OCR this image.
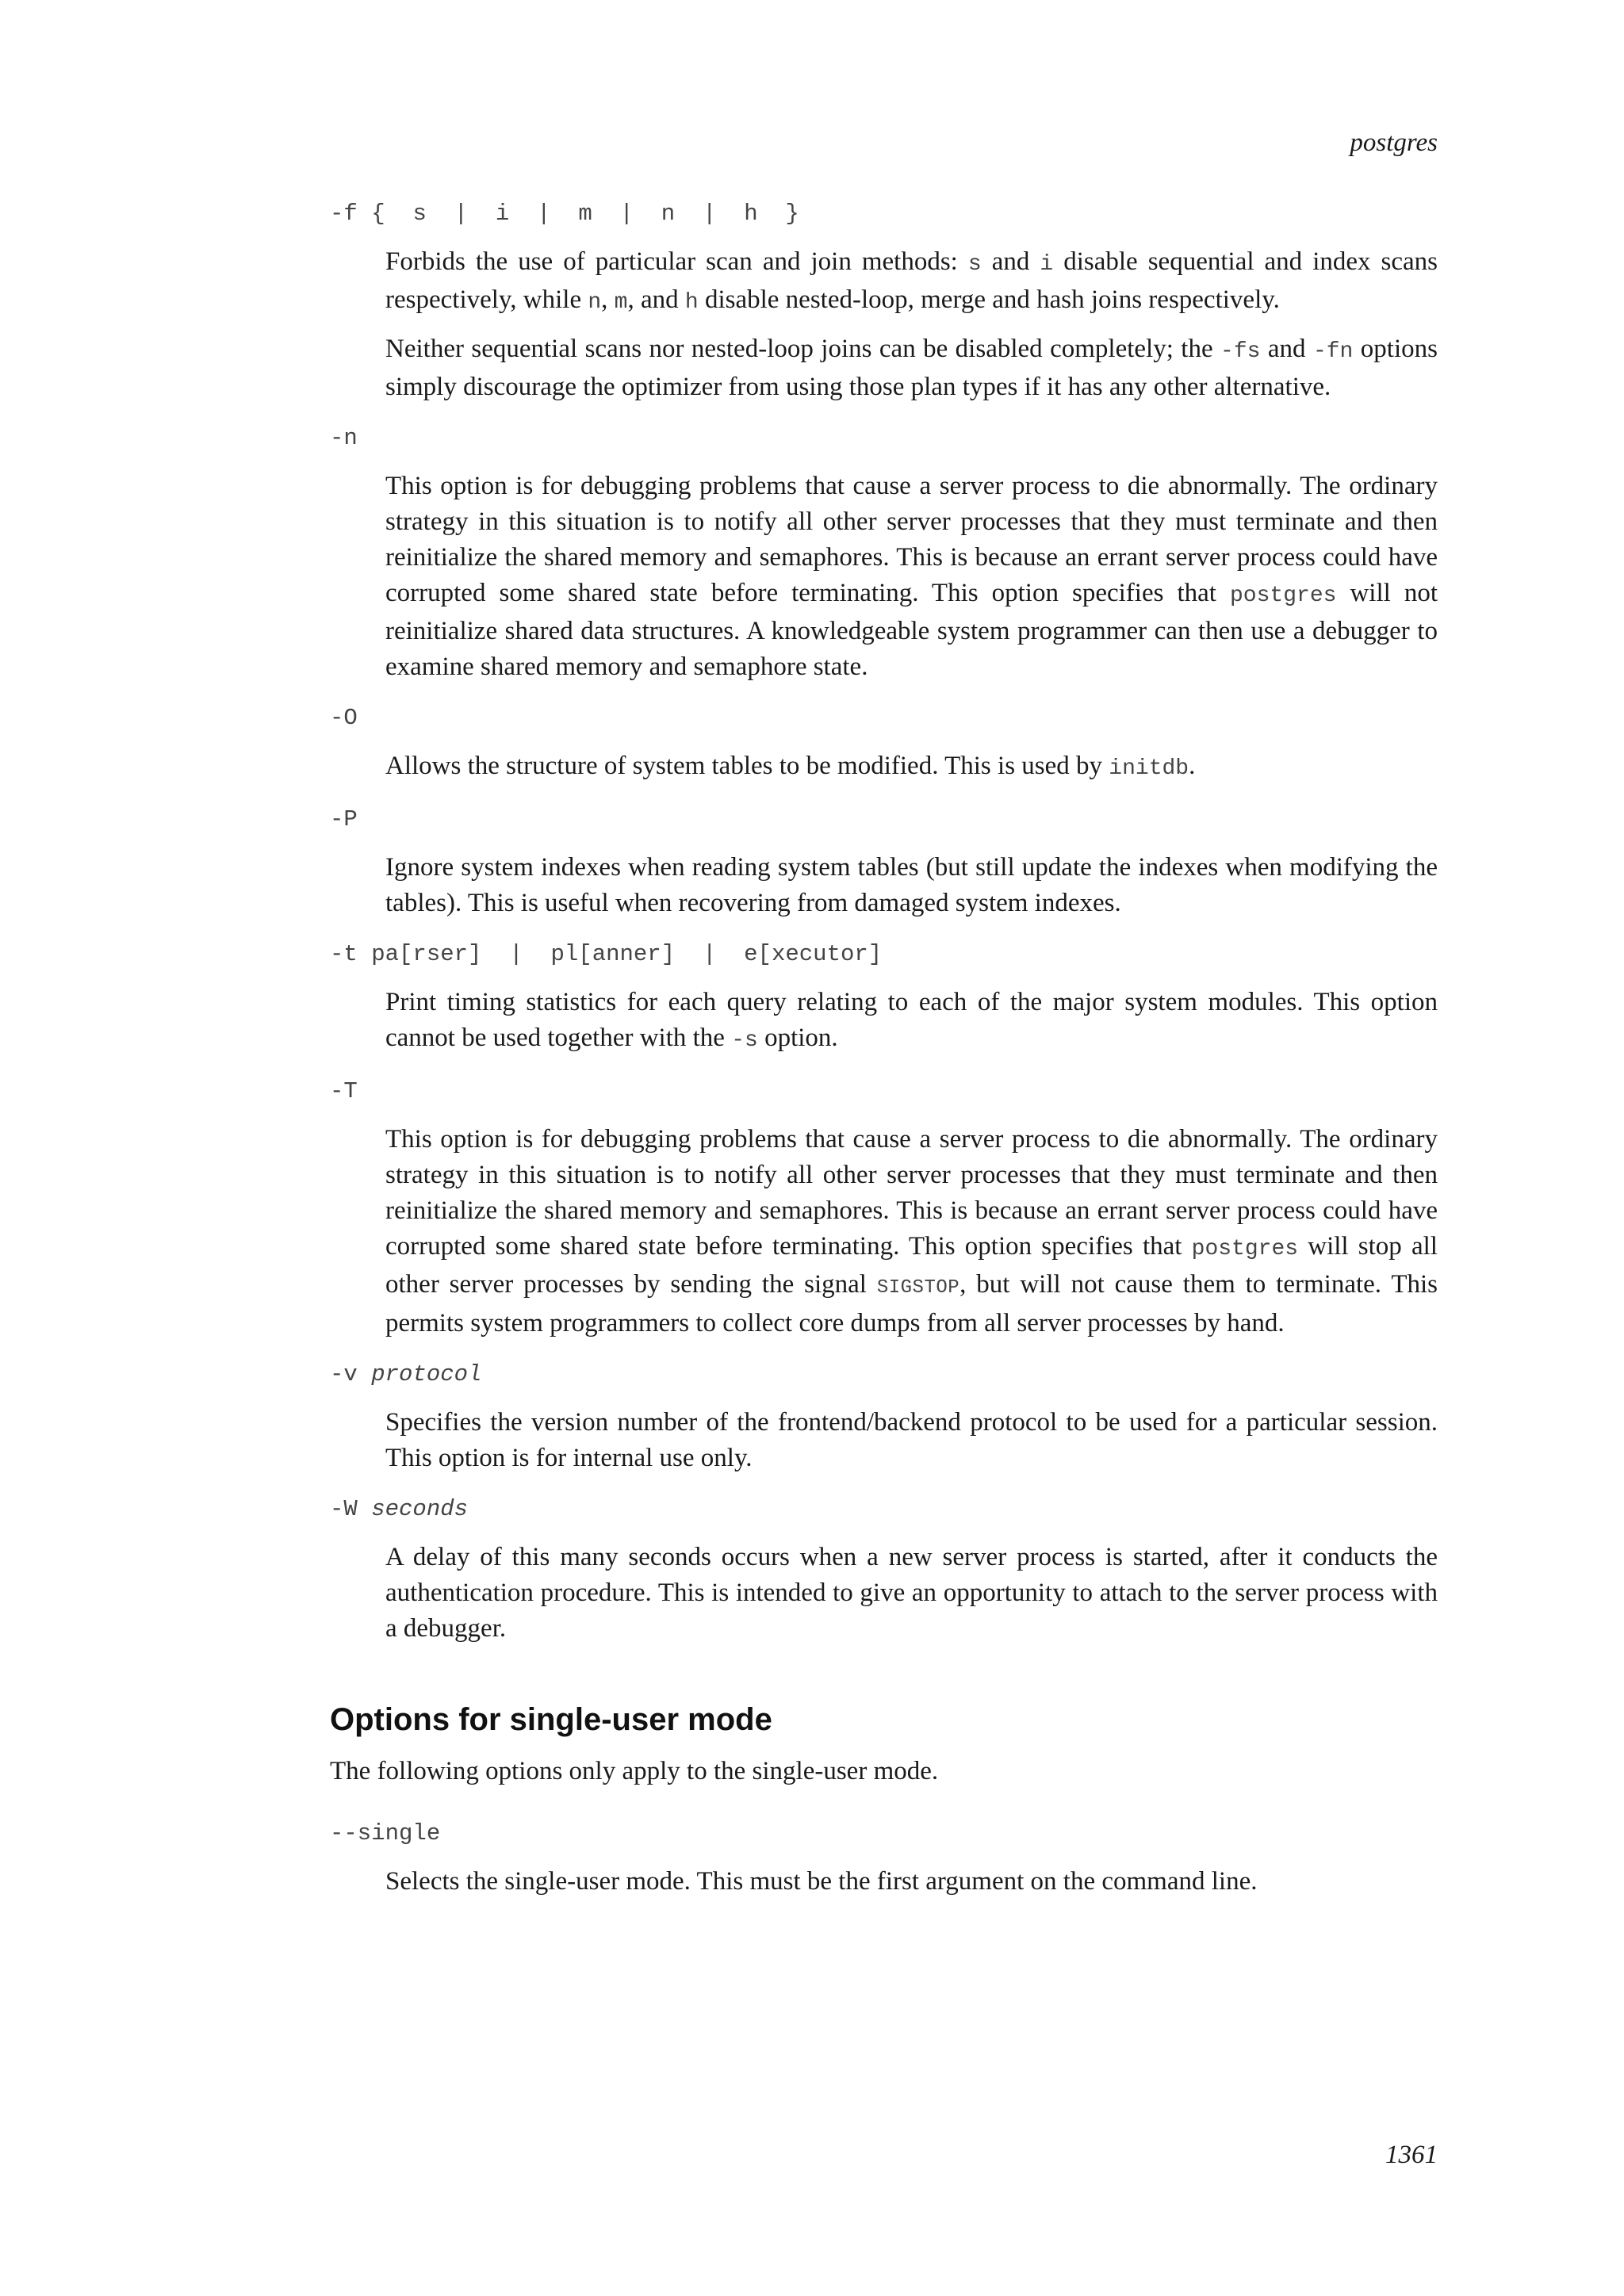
postgres
-f { s | i | m | n | h }

Forbids the use of particular scan and join methods: s and i disable sequential and index scans respectively, while n, m, and h disable nested-loop, merge and hash joins respectively.

Neither sequential scans nor nested-loop joins can be disabled completely; the -fs and -fn options simply discourage the optimizer from using those plan types if it has any other alternative.

-n

This option is for debugging problems that cause a server process to die abnormally. The ordinary strategy in this situation is to notify all other server processes that they must terminate and then reinitialize the shared memory and semaphores. This is because an errant server process could have corrupted some shared state before terminating. This option specifies that postgres will not reinitialize shared data structures. A knowledgeable system programmer can then use a debugger to examine shared memory and semaphore state.

-O

Allows the structure of system tables to be modified. This is used by initdb.

-P

Ignore system indexes when reading system tables (but still update the indexes when modifying the tables). This is useful when recovering from damaged system indexes.

-t pa[rser] | pl[anner] | e[xecutor]

Print timing statistics for each query relating to each of the major system modules. This option cannot be used together with the -s option.

-T

This option is for debugging problems that cause a server process to die abnormally. The ordinary strategy in this situation is to notify all other server processes that they must terminate and then reinitialize the shared memory and semaphores. This is because an errant server process could have corrupted some shared state before terminating. This option specifies that postgres will stop all other server processes by sending the signal SIGSTOP, but will not cause them to terminate. This permits system programmers to collect core dumps from all server processes by hand.

-v protocol

Specifies the version number of the frontend/backend protocol to be used for a particular session. This option is for internal use only.

-W seconds

A delay of this many seconds occurs when a new server process is started, after it conducts the authentication procedure. This is intended to give an opportunity to attach to the server process with a debugger.

Options for single-user mode

The following options only apply to the single-user mode.

--single

Selects the single-user mode. This must be the first argument on the command line.

1361
